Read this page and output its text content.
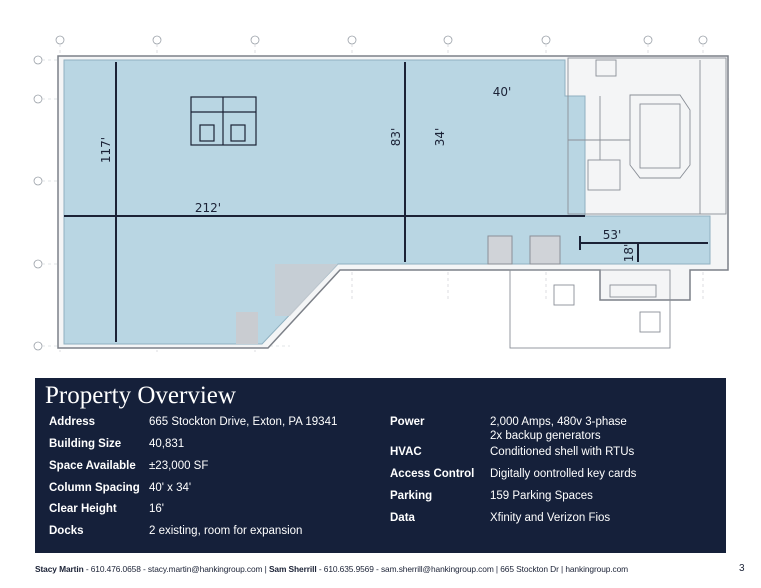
117'
212'
83'	34'
40'
53'
18'
Property Overview
Address	665 Stockton Drive, Exton, PA 19341
Building Size 40,831
Space Available ±23,000 SF
Column Spacing 40' x 34'
Clear Height	16'
Docks	2 existing, room for expansion
Power	2,000 Amps, 480v 3-phase
2x backup generators
HVAC	Conditioned shell with RTUs
Access Control Digitally oontrolled key cards
Parking	159 Parking Spaces
Data	Xfinity and Verizon Fios
Stacy Martin - 610.476.0658 - stacy.martin@hankingroup.com | Sam Sherrill - 610.635.9569 - sam.sherrill@hankingroup.com | 665 Stockton Dr | hankingroup.com	3
